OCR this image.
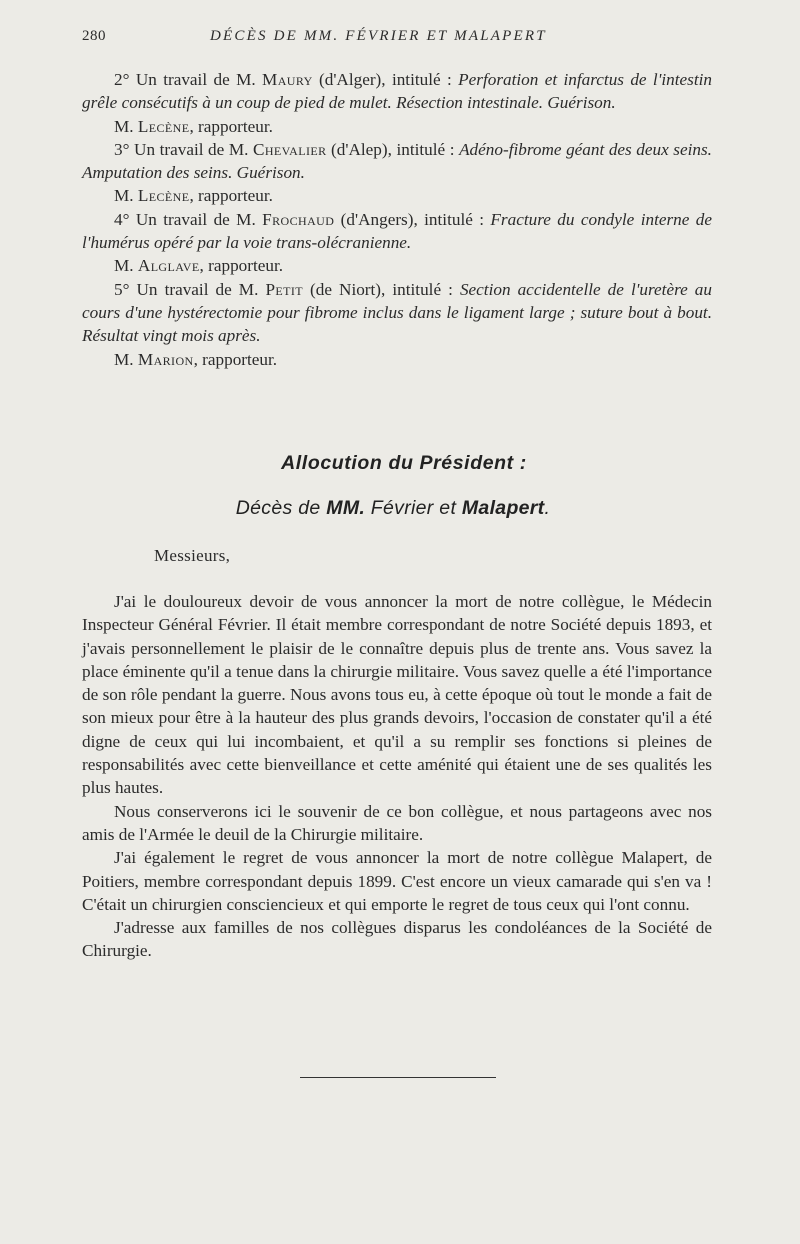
280	DÉCÈS DE MM. FÉVRIER ET MALAPERT

2° Un travail de M. Maury (d'Alger), intitulé : Perforation et infarctus de l'intestin grêle consécutifs à un coup de pied de mulet. Résection intestinale. Guérison.

M. Lecène, rapporteur.

3° Un travail de M. Chevalier (d'Alep), intitulé : Adéno-fibrome géant des deux seins. Amputation des seins. Guérison.

M. Lecène, rapporteur.

4° Un travail de M. Frochaud (d'Angers), intitulé : Fracture du condyle interne de l'humérus opéré par la voie trans-olécranienne.

M. Alglave, rapporteur.

5° Un travail de M. Petit (de Niort), intitulé : Section accidentelle de l'uretère au cours d'une hystérectomie pour fibrome inclus dans le ligament large ; suture bout à bout. Résultat vingt mois après.

M. Marion, rapporteur.

Allocution du Président :
Décès de MM. Février et Malapert.
Messieurs,

J'ai le douloureux devoir de vous annoncer la mort de notre collègue, le Médecin Inspecteur Général Février. Il était membre correspondant de notre Société depuis 1893, et j'avais personnellement le plaisir de le connaître depuis plus de trente ans. Vous savez la place éminente qu'il a tenue dans la chirurgie militaire. Vous savez quelle a été l'importance de son rôle pendant la guerre. Nous avons tous eu, à cette époque où tout le monde a fait de son mieux pour être à la hauteur des plus grands devoirs, l'occasion de constater qu'il a été digne de ceux qui lui incombaient, et qu'il a su remplir ses fonctions si pleines de responsabilités avec cette bienveillance et cette aménité qui étaient une de ses qualités les plus hautes.

Nous conserverons ici le souvenir de ce bon collègue, et nous partageons avec nos amis de l'Armée le deuil de la Chirurgie militaire.

J'ai également le regret de vous annoncer la mort de notre collègue Malapert, de Poitiers, membre correspondant depuis 1899. C'est encore un vieux camarade qui s'en va ! C'était un chirurgien consciencieux et qui emporte le regret de tous ceux qui l'ont connu.

J'adresse aux familles de nos collègues disparus les condoléances de la Société de Chirurgie.
